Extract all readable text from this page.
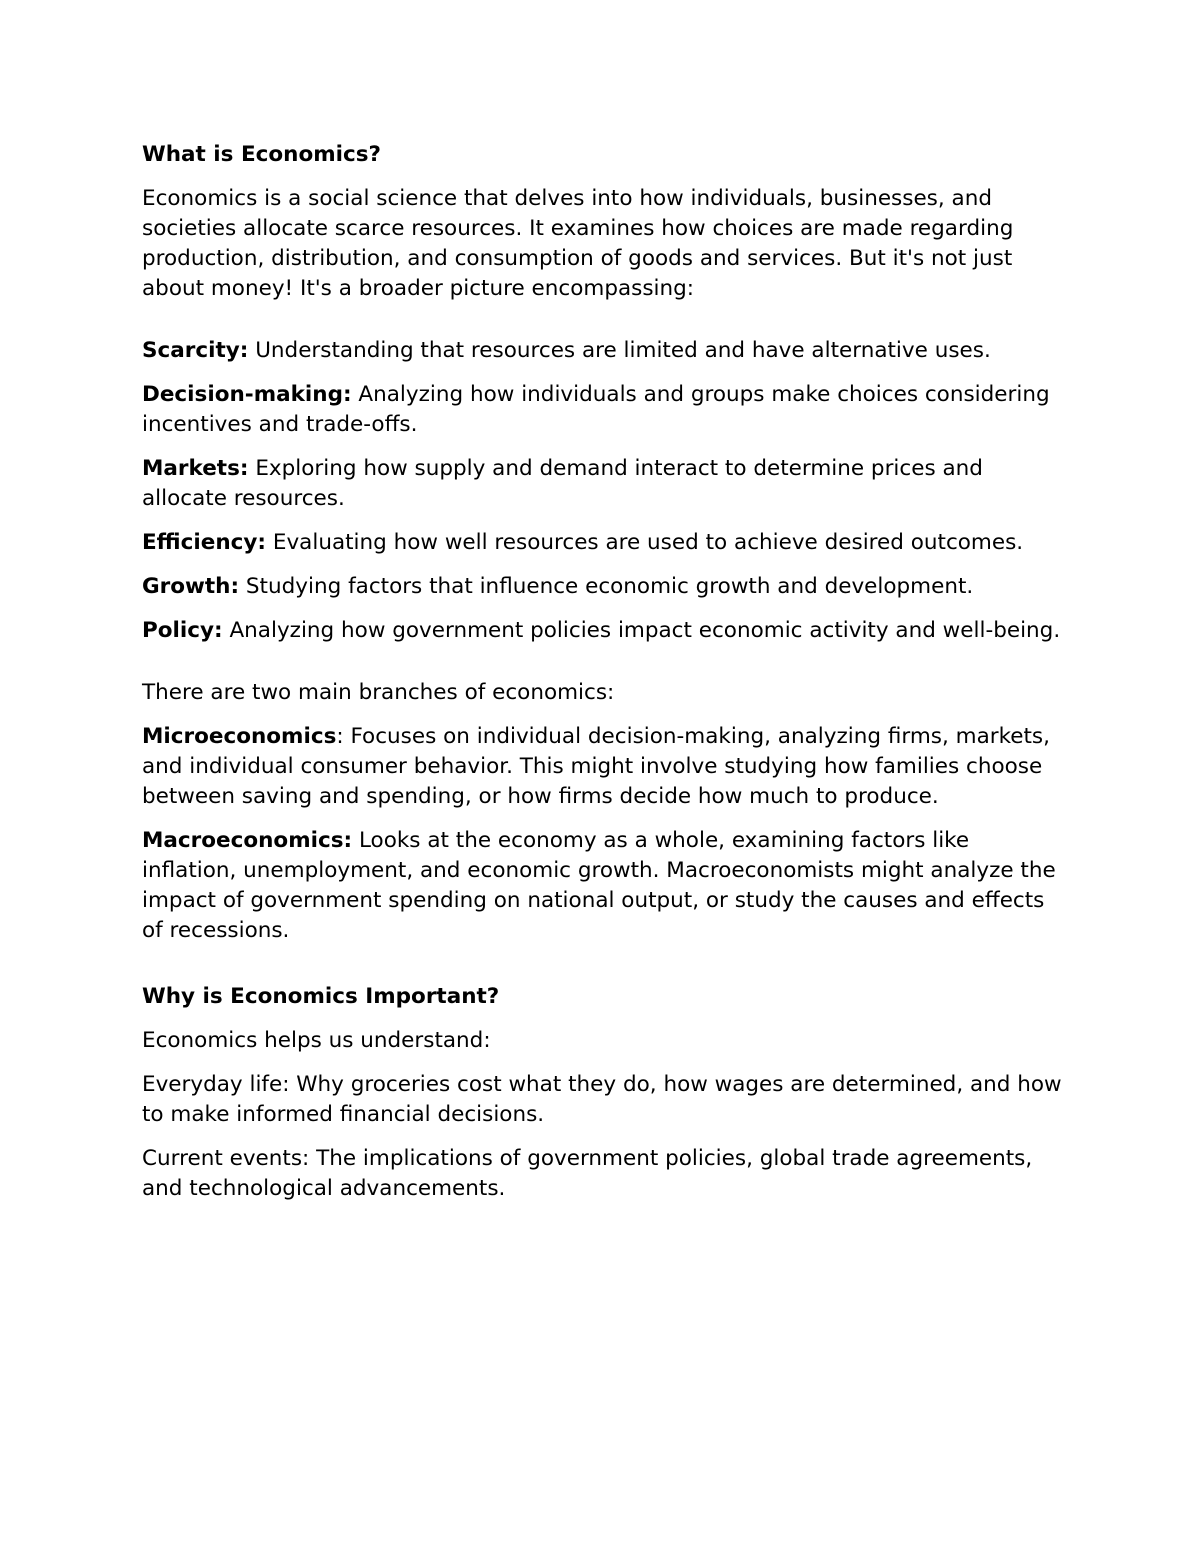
What is Economics?

Economics is a social science that delves into how individuals, businesses, and societies allocate scarce resources. It examines how choices are made regarding production, distribution, and consumption of goods and services. But it's not just about money! It's a broader picture encompassing:

Scarcity: Understanding that resources are limited and have alternative uses.

Decision-making: Analyzing how individuals and groups make choices considering incentives and trade-offs.

Markets: Exploring how supply and demand interact to determine prices and allocate resources.

Efficiency: Evaluating how well resources are used to achieve desired outcomes.

Growth: Studying factors that influence economic growth and development.

Policy: Analyzing how government policies impact economic activity and well-being.

There are two main branches of economics:

Microeconomics: Focuses on individual decision-making, analyzing firms, markets, and individual consumer behavior. This might involve studying how families choose between saving and spending, or how firms decide how much to produce.

Macroeconomics: Looks at the economy as a whole, examining factors like inflation, unemployment, and economic growth. Macroeconomists might analyze the impact of government spending on national output, or study the causes and effects of recessions.

Why is Economics Important?

Economics helps us understand:

Everyday life: Why groceries cost what they do, how wages are determined, and how to make informed financial decisions.

Current events: The implications of government policies, global trade agreements, and technological advancements.
